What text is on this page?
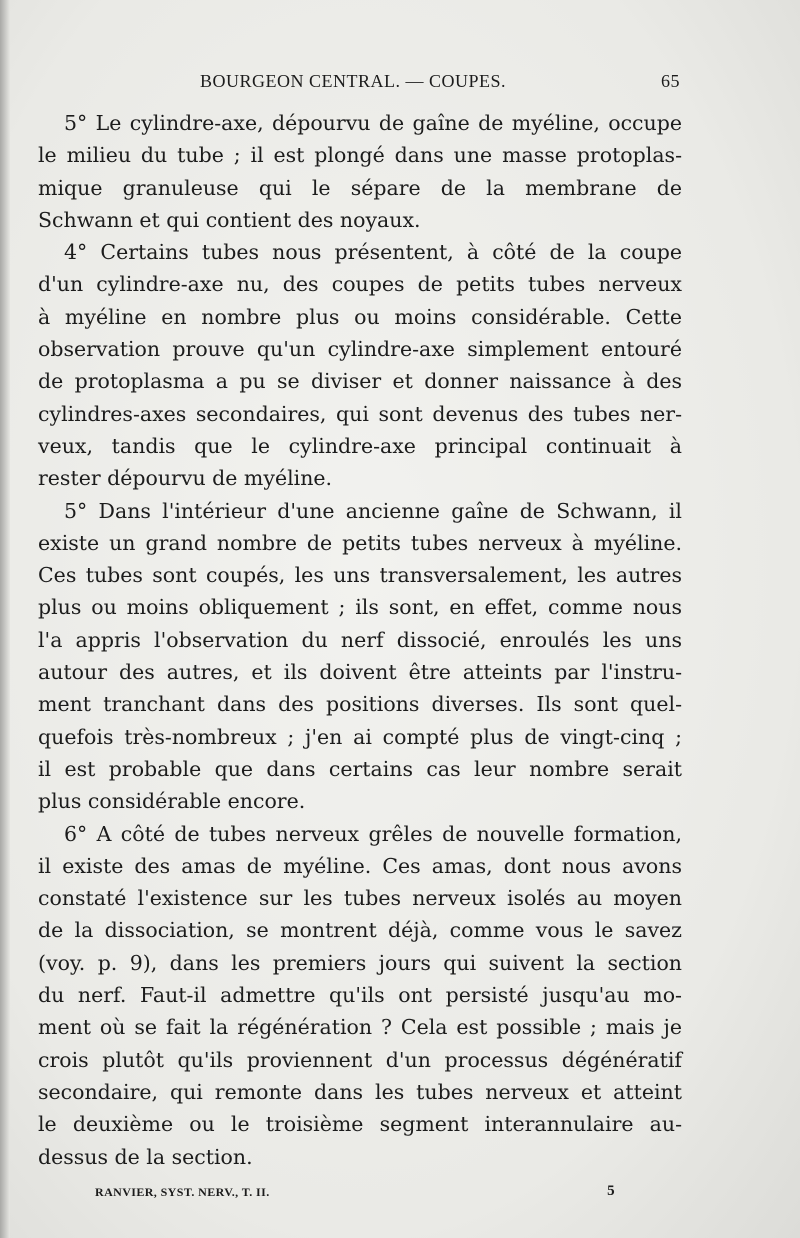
BOURGEON CENTRAL. — COUPES.	65
5° Le cylindre-axe, dépourvu de gaîne de myéline, occupe
le milieu du tube ; il est plongé dans une masse protoplas-
mique granuleuse qui le sépare de la membrane de
Schwann et qui contient des noyaux.
4° Certains tubes nous présentent, à côté de la coupe
d'un cylindre-axe nu, des coupes de petits tubes nerveux
à myéline en nombre plus ou moins considérable. Cette
observation prouve qu'un cylindre-axe simplement entouré
de protoplasma a pu se diviser et donner naissance à des
cylindres-axes secondaires, qui sont devenus des tubes ner-
veux, tandis que le cylindre-axe principal continuait à
rester dépourvu de myéline.
5° Dans l'intérieur d'une ancienne gaîne de Schwann, il
existe un grand nombre de petits tubes nerveux à myéline.
Ces tubes sont coupés, les uns transversalement, les autres
plus ou moins obliquement ; ils sont, en effet, comme nous
l'a appris l'observation du nerf dissocié, enroulés les uns
autour des autres, et ils doivent être atteints par l'instru-
ment tranchant dans des positions diverses. Ils sont quel-
quefois très-nombreux ; j'en ai compté plus de vingt-cinq ;
il est probable que dans certains cas leur nombre serait
plus considérable encore.
6° A côté de tubes nerveux grêles de nouvelle formation,
il existe des amas de myéline. Ces amas, dont nous avons
constaté l'existence sur les tubes nerveux isolés au moyen
de la dissociation, se montrent déjà, comme vous le savez
(voy. p. 9), dans les premiers jours qui suivent la section
du nerf. Faut-il admettre qu'ils ont persisté jusqu'au mo-
ment où se fait la régénération ? Cela est possible ; mais je
crois plutôt qu'ils proviennent d'un processus dégénératif
secondaire, qui remonte dans les tubes nerveux et atteint
le deuxième ou le troisième segment interannulaire au-
dessus de la section.
RANVIER, SYST. NERV., T. II.	5
